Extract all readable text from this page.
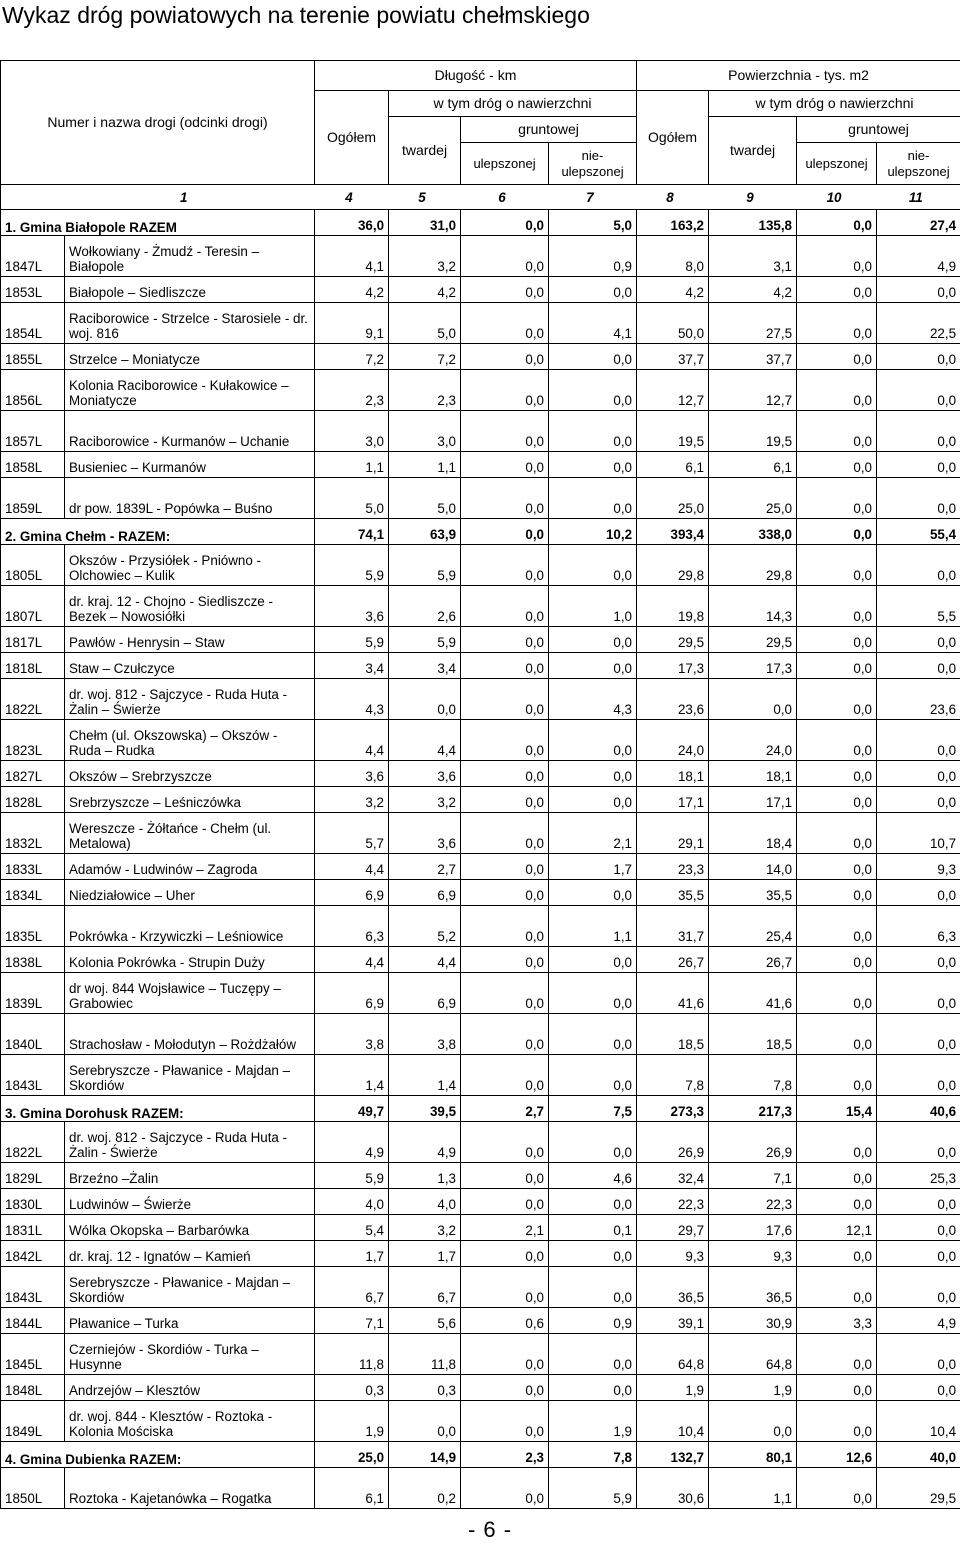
Wykaz dróg powiatowych na terenie powiatu chełmskiego
Numer i nazwa drogi (odcinki drogi)		Długość - km				Powierzchnia - tys. m2			
		Ogółem	w tym dróg o nawierzchni			Ogółem	w tym dróg o nawierzchni		
			twardej	gruntowej			twardej	gruntowej	
				ulepszonej	nie-ulepszonej			ulepszonej	nie-ulepszonej
1		4	5	6	7	8	9	10	11
1. Gmina Białopole RAZEM		36,0	31,0	0,0	5,0	163,2	135,8	0,0	27,4
1847L	Wołkowiany - Żmudź - Teresin – Białopole	4,1	3,2	0,0	0,9	8,0	3,1	0,0	4,9
1853L	Białopole – Siedliszcze	4,2	4,2	0,0	0,0	4,2	4,2	0,0	0,0
1854L	Raciborowice - Strzelce - Starosiele - dr. woj. 816	9,1	5,0	0,0	4,1	50,0	27,5	0,0	22,5
1855L	Strzelce – Moniatycze	7,2	7,2	0,0	0,0	37,7	37,7	0,0	0,0
1856L	Kolonia Raciborowice - Kułakowice – Moniatycze	2,3	2,3	0,0	0,0	12,7	12,7	0,0	0,0
1857L	Raciborowice - Kurmanów – Uchanie	3,0	3,0	0,0	0,0	19,5	19,5	0,0	0,0
1858L	Busieniec – Kurmanów	1,1	1,1	0,0	0,0	6,1	6,1	0,0	0,0
1859L	dr pow. 1839L - Popówka – Buśno	5,0	5,0	0,0	0,0	25,0	25,0	0,0	0,0
2. Gmina Chełm - RAZEM:		74,1	63,9	0,0	10,2	393,4	338,0	0,0	55,4
1805L	Okszów - Przysiółek - Pniówno - Olchowiec – Kulik	5,9	5,9	0,0	0,0	29,8	29,8	0,0	0,0
1807L	dr. kraj. 12 - Chojno - Siedliszcze - Bezek – Nowosiółki	3,6	2,6	0,0	1,0	19,8	14,3	0,0	5,5
1817L	Pawłów - Henrysin – Staw	5,9	5,9	0,0	0,0	29,5	29,5	0,0	0,0
1818L	Staw – Czułczyce	3,4	3,4	0,0	0,0	17,3	17,3	0,0	0,0
1822L	dr. woj. 812 - Sajczyce - Ruda Huta - Żalin – Świerże	4,3	0,0	0,0	4,3	23,6	0,0	0,0	23,6
1823L	Chełm (ul. Okszowska) – Okszów - Ruda – Rudka	4,4	4,4	0,0	0,0	24,0	24,0	0,0	0,0
1827L	Okszów – Srebrzyszcze	3,6	3,6	0,0	0,0	18,1	18,1	0,0	0,0
1828L	Srebrzyszcze – Leśniczówka	3,2	3,2	0,0	0,0	17,1	17,1	0,0	0,0
1832L	Wereszcze - Żółtańce - Chełm (ul. Metalowa)	5,7	3,6	0,0	2,1	29,1	18,4	0,0	10,7
1833L	Adamów - Ludwinów – Zagroda	4,4	2,7	0,0	1,7	23,3	14,0	0,0	9,3
1834L	Niedziałowice – Uher	6,9	6,9	0,0	0,0	35,5	35,5	0,0	0,0
1835L	Pokrówka - Krzywiczki – Leśniowice	6,3	5,2	0,0	1,1	31,7	25,4	0,0	6,3
1838L	Kolonia Pokrówka - Strupin Duży	4,4	4,4	0,0	0,0	26,7	26,7	0,0	0,0
1839L	dr woj. 844 Wojsławice – Tuczępy – Grabowiec	6,9	6,9	0,0	0,0	41,6	41,6	0,0	0,0
1840L	Strachosław - Mołodutyn – Rożdżałów	3,8	3,8	0,0	0,0	18,5	18,5	0,0	0,0
1843L	Serebryszcze - Pławanice - Majdan – Skordiów	1,4	1,4	0,0	0,0	7,8	7,8	0,0	0,0
3. Gmina Dorohusk RAZEM:		49,7	39,5	2,7	7,5	273,3	217,3	15,4	40,6
1822L	dr. woj. 812 - Sajczyce - Ruda Huta - Żalin - Świerże	4,9	4,9	0,0	0,0	26,9	26,9	0,0	0,0
1829L	Brzeźno –Żalin	5,9	1,3	0,0	4,6	32,4	7,1	0,0	25,3
1830L	Ludwinów – Świerże	4,0	4,0	0,0	0,0	22,3	22,3	0,0	0,0
1831L	Wólka Okopska – Barbarówka	5,4	3,2	2,1	0,1	29,7	17,6	12,1	0,0
1842L	dr. kraj. 12 - Ignatów – Kamień	1,7	1,7	0,0	0,0	9,3	9,3	0,0	0,0
1843L	Serebryszcze - Pławanice - Majdan – Skordiów	6,7	6,7	0,0	0,0	36,5	36,5	0,0	0,0
1844L	Pławanice – Turka	7,1	5,6	0,6	0,9	39,1	30,9	3,3	4,9
1845L	Czerniejów - Skordiów - Turka – Husynne	11,8	11,8	0,0	0,0	64,8	64,8	0,0	0,0
1848L	Andrzejów – Klesztów	0,3	0,3	0,0	0,0	1,9	1,9	0,0	0,0
1849L	dr. woj. 844 - Klesztów - Roztoka - Kolonia Mościska	1,9	0,0	0,0	1,9	10,4	0,0	0,0	10,4
4. Gmina Dubienka RAZEM:		25,0	14,9	2,3	7,8	132,7	80,1	12,6	40,0
1850L	Roztoka - Kajetanówka – Rogatka	6,1	0,2	0,0	5,9	30,6	1,1	0,0	29,5
- 6 -
